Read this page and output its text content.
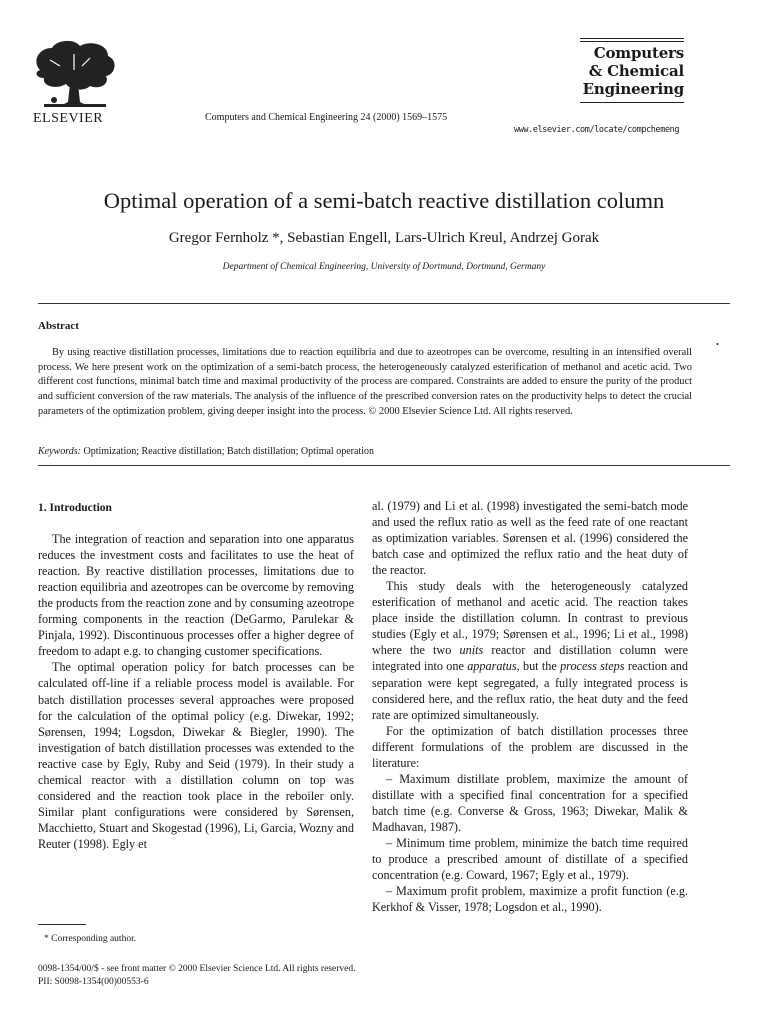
ELSEVIER	Computers and Chemical Engineering 24 (2000) 1569–1575
Computers
& Chemical
Engineering
www.elsevier.com/locate/compchemeng
Optimal operation of a semi-batch reactive distillation column
Gregor Fernholz *, Sebastian Engell, Lars-Ulrich Kreul, Andrzej Gorak
Department of Chemical Engineering, University of Dortmund, Dortmund, Germany
Abstract
•
By using reactive distillation processes, limitations due to reaction equilibria and due to azeotropes can be overcome, resulting in an intensified overall process. We here present work on the optimization of a semi-batch process, the heterogeneously catalyzed esterification of methanol and acetic acid. Two different cost functions, minimal batch time and maximal productivity of the process are compared. Constraints are added to ensure the purity of the product and sufficient conversion of the raw materials. The analysis of the influence of the prescribed conversion rates on the productivity helps to detect the crucial parameters of the optimization problem, giving deeper insight into the process. © 2000 Elsevier Science Ltd. All rights reserved.
Keywords: Optimization; Reactive distillation; Batch distillation; Optimal operation

1. Introduction

The integration of reaction and separation into one apparatus reduces the investment costs and facilitates to use the heat of reaction. By reactive distillation processes, limitations due to reaction equilibria and azeotropes can be overcome by removing the products from the reaction zone and by consuming azeotrope forming components in the reaction (DeGarmo, Parulekar & Pinjala, 1992). Discontinuous processes offer a higher degree of freedom to adapt e.g. to changing customer specifications.

The optimal operation policy for batch processes can be calculated off-line if a reliable process model is available. For batch distillation processes several approaches were proposed for the calculation of the optimal policy (e.g. Diwekar, 1992; Sørensen, 1994; Logsdon, Diwekar & Biegler, 1990). The investigation of batch distillation processes was extended to the reactive case by Egly, Ruby and Seid (1979). In their study a chemical reactor with a distillation column on top was considered and the reaction took place in the reboiler only. Similar plant configurations were considered by Sørensen, Macchietto, Stuart and Skogestad (1996), Li, Garcia, Wozny and Reuter (1998). Egly et

al. (1979) and Li et al. (1998) investigated the semi-batch mode and used the reflux ratio as well as the feed rate of one reactant as optimization variables. Sørensen et al. (1996) considered the batch case and optimized the reflux ratio and the heat duty of the reactor.

This study deals with the heterogeneously catalyzed esterification of methanol and acetic acid. The reaction takes place inside the distillation column. In contrast to previous studies (Egly et al., 1979; Sørensen et al., 1996; Li et al., 1998) where the two units reactor and distillation column were integrated into one apparatus, but the process steps reaction and separation were kept segregated, a fully integrated process is considered here, and the reflux ratio, the heat duty and the feed rate are optimized simultaneously.

For the optimization of batch distillation processes three different formulations of the problem are discussed in the literature:

– Maximum distillate problem, maximize the amount of distillate with a specified final concentration for a specified batch time (e.g. Converse & Gross, 1963; Diwekar, Malik & Madhavan, 1987).

– Minimum time problem, minimize the batch time required to produce a prescribed amount of distillate of a specified concentration (e.g. Coward, 1967; Egly et al., 1979).

– Maximum profit problem, maximize a profit function (e.g. Kerkhof & Visser, 1978; Logsdon et al., 1990).

* Corresponding author.
0098-1354/00/$ - see front matter © 2000 Elsevier Science Ltd. All rights reserved.
PII: S0098-1354(00)00553-6
